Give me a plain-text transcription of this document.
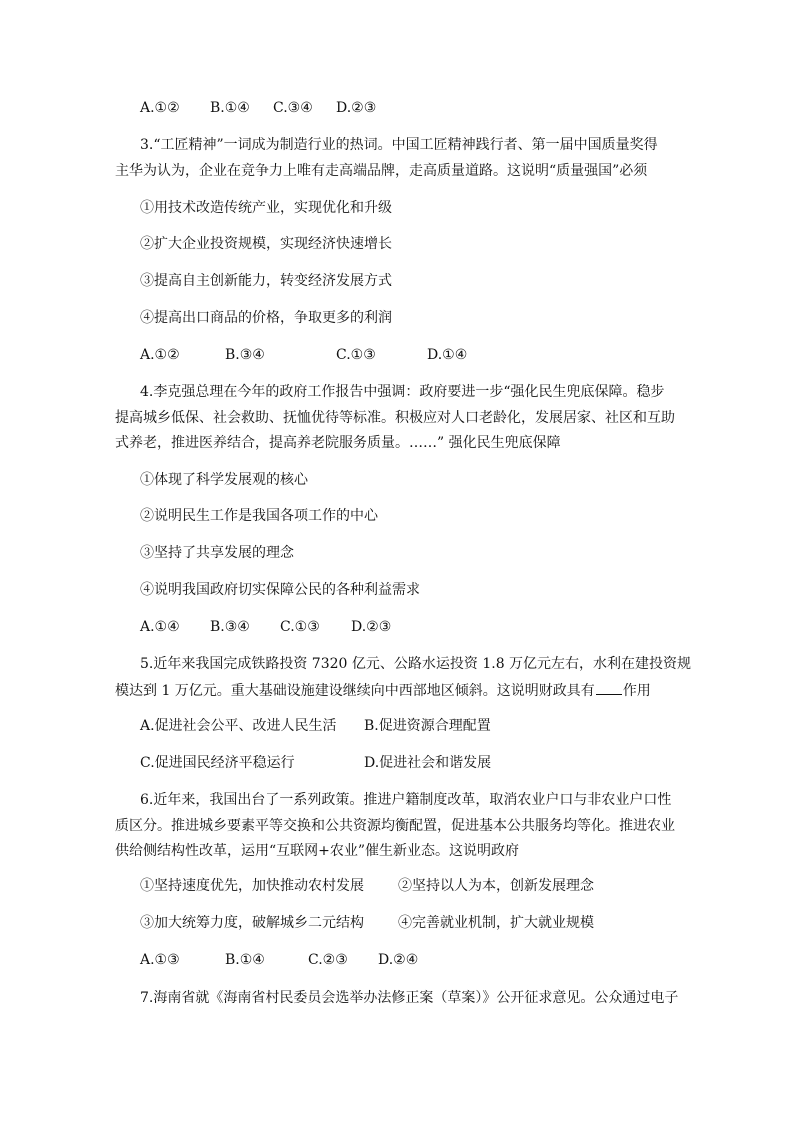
A.①② B.①④ C.③④ D.②③
3.“工匠精神”一词成为制造行业的热词。中国工匠精神践行者、第一届中国质量奖得
主华为认为，企业在竞争力上唯有走高端品牌，走高质量道路。这说明“质量强国”必须
①用技术改造传统产业，实现优化和升级
②扩大企业投资规模，实现经济快速增长
③提高自主创新能力，转变经济发展方式
④提高出口商品的价格，争取更多的利润
A.①②	B.③④	C.①③	D.①④
4.李克强总理在今年的政府工作报告中强调：政府要进一步“强化民生兜底保障。稳步
提高城乡低保、社会救助、抚恤优待等标准。积极应对人口老龄化，发展居家、社区和互助
式养老，推进医养结合，提高养老院服务质量。……” 强化民生兜底保障
①体现了科学发展观的核心
②说明民生工作是我国各项工作的中心
③坚持了共享发展的理念
④说明我国政府切实保障公民的各种利益需求
A.①④ B.③④ C.①③ D.②③
5.近年来我国完成铁路投资 7320 亿元、公路水运投资 1.8 万亿元左右，水利在建投资规
模达到 1 万亿元。重大基础设施建设继续向中西部地区倾斜。这说明财政具有 作用
A.促进社会公平、改进人民生活 B.促进资源合理配置
C.促进国民经济平稳运行	D.促进社会和谐发展
6.近年来，我国出台了一系列政策。推进户籍制度改革，取消农业户口与非农业户口性
质区分。推进城乡要素平等交换和公共资源均衡配置，促进基本公共服务均等化。推进农业
供给侧结构性改革，运用“互联网+农业”催生新业态。这说明政府
①坚持速度优先，加快推动农村发展 ②坚持以人为本，创新发展理念
③加大统筹力度，破解城乡二元结构 ④完善就业机制，扩大就业规模
A.①③	B.①④	C.②③ D.②④
7.海南省就《海南省村民委员会选举办法修正案（草案）》公开征求意见。公众通过电子
